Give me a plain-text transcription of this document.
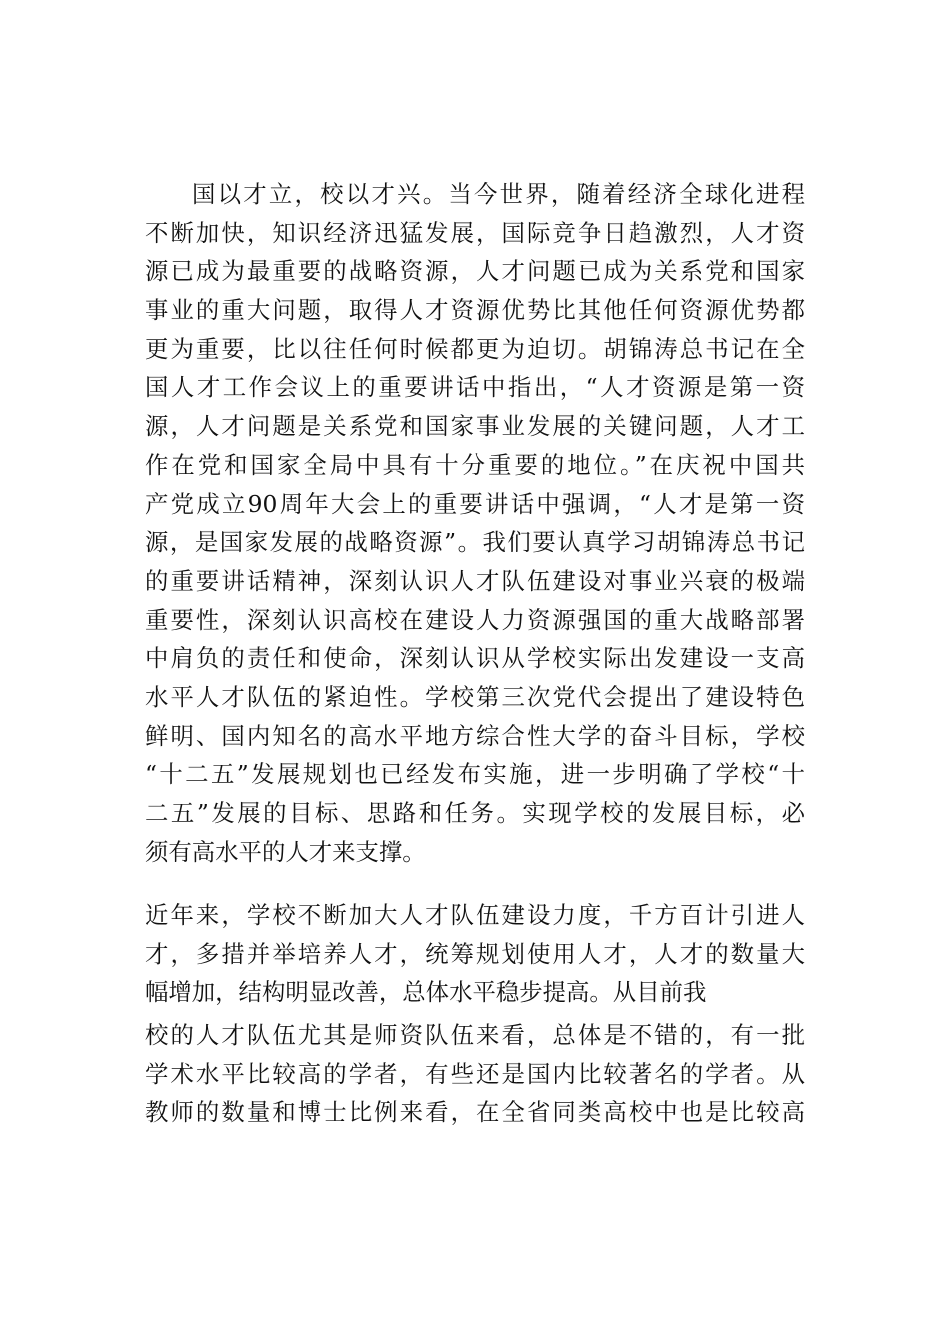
国以才立，校以才兴。当今世界，随着经济全球化进程
不断加快，知识经济迅猛发展，国际竞争日趋激烈，人才资
源已成为最重要的战略资源，人才问题已成为关系党和国家
事业的重大问题，取得人才资源优势比其他任何资源优势都
更为重要，比以往任何时候都更为迫切。胡锦涛总书记在全
国人才工作会议上的重要讲话中指出，“人才资源是第一资
源，人才问题是关系党和国家事业发展的关键问题，人才工
作在党和国家全局中具有十分重要的地位。”在庆祝中国共
产党成立90周年大会上的重要讲话中强调，“人才是第一资
源，是国家发展的战略资源”。我们要认真学习胡锦涛总书记
的重要讲话精神，深刻认识人才队伍建设对事业兴衰的极端
重要性，深刻认识高校在建设人力资源强国的重大战略部署
中肩负的责任和使命，深刻认识从学校实际出发建设一支高
水平人才队伍的紧迫性。学校第三次党代会提出了建设特色
鲜明、国内知名的高水平地方综合性大学的奋斗目标，学校
“十二五”发展规划也已经发布实施，进一步明确了学校“十
二五”发展的目标、思路和任务。实现学校的发展目标，必
须有高水平的人才来支撑。
近年来，学校不断加大人才队伍建设力度，千方百计引进人
才，多措并举培养人才，统筹规划使用人才，人才的数量大
幅增加，结构明显改善，总体水平稳步提高。从目前我
校的人才队伍尤其是师资队伍来看，总体是不错的，有一批
学术水平比较高的学者，有些还是国内比较著名的学者。从
教师的数量和博士比例来看，在全省同类高校中也是比较高
